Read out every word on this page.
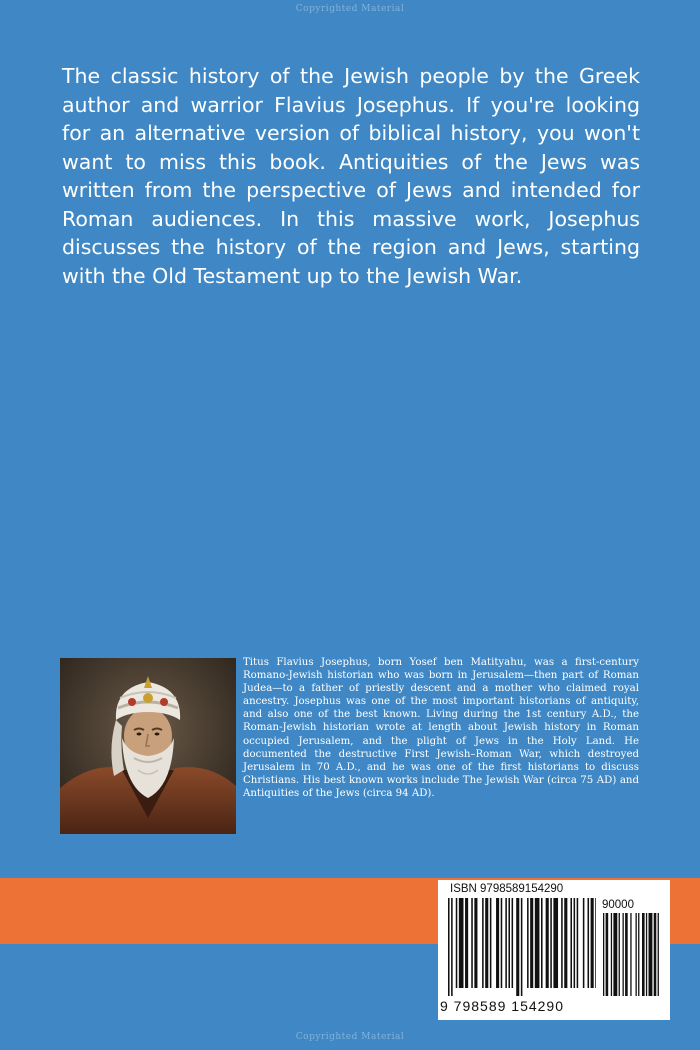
Copyrighted Material

The classic history of the Jewish people by the Greek author and warrior Flavius Josephus. If you're looking for an alternative version of biblical history, you won't want to miss this book. Antiquities of the Jews was written from the perspective of Jews and intended for Roman audiences. In this massive work, Josephus discusses the history of the region and Jews, starting with the Old Testament up to the Jewish War.

Titus Flavius Josephus, born Yosef ben Matityahu, was a first-century Romano-Jewish historian who was born in Jerusalem—then part of Roman Judea—to a father of priestly descent and a mother who claimed royal ancestry. Josephus was one of the most important historians of antiquity, and also one of the best known. Living during the 1st century A.D., the Roman-Jewish historian wrote at length about Jewish history in Roman occupied Jerusalem, and the plight of Jews in the Holy Land. He documented the destructive First Jewish–Roman War, which destroyed Jerusalem in 70 A.D., and he was one of the first historians to discuss Christians. His best known works include The Jewish War (circa 75 AD) and Antiquities of the Jews (circa 94 AD).

ISBN 9798589154290

90000

9 798589 154290

Copyrighted Material
